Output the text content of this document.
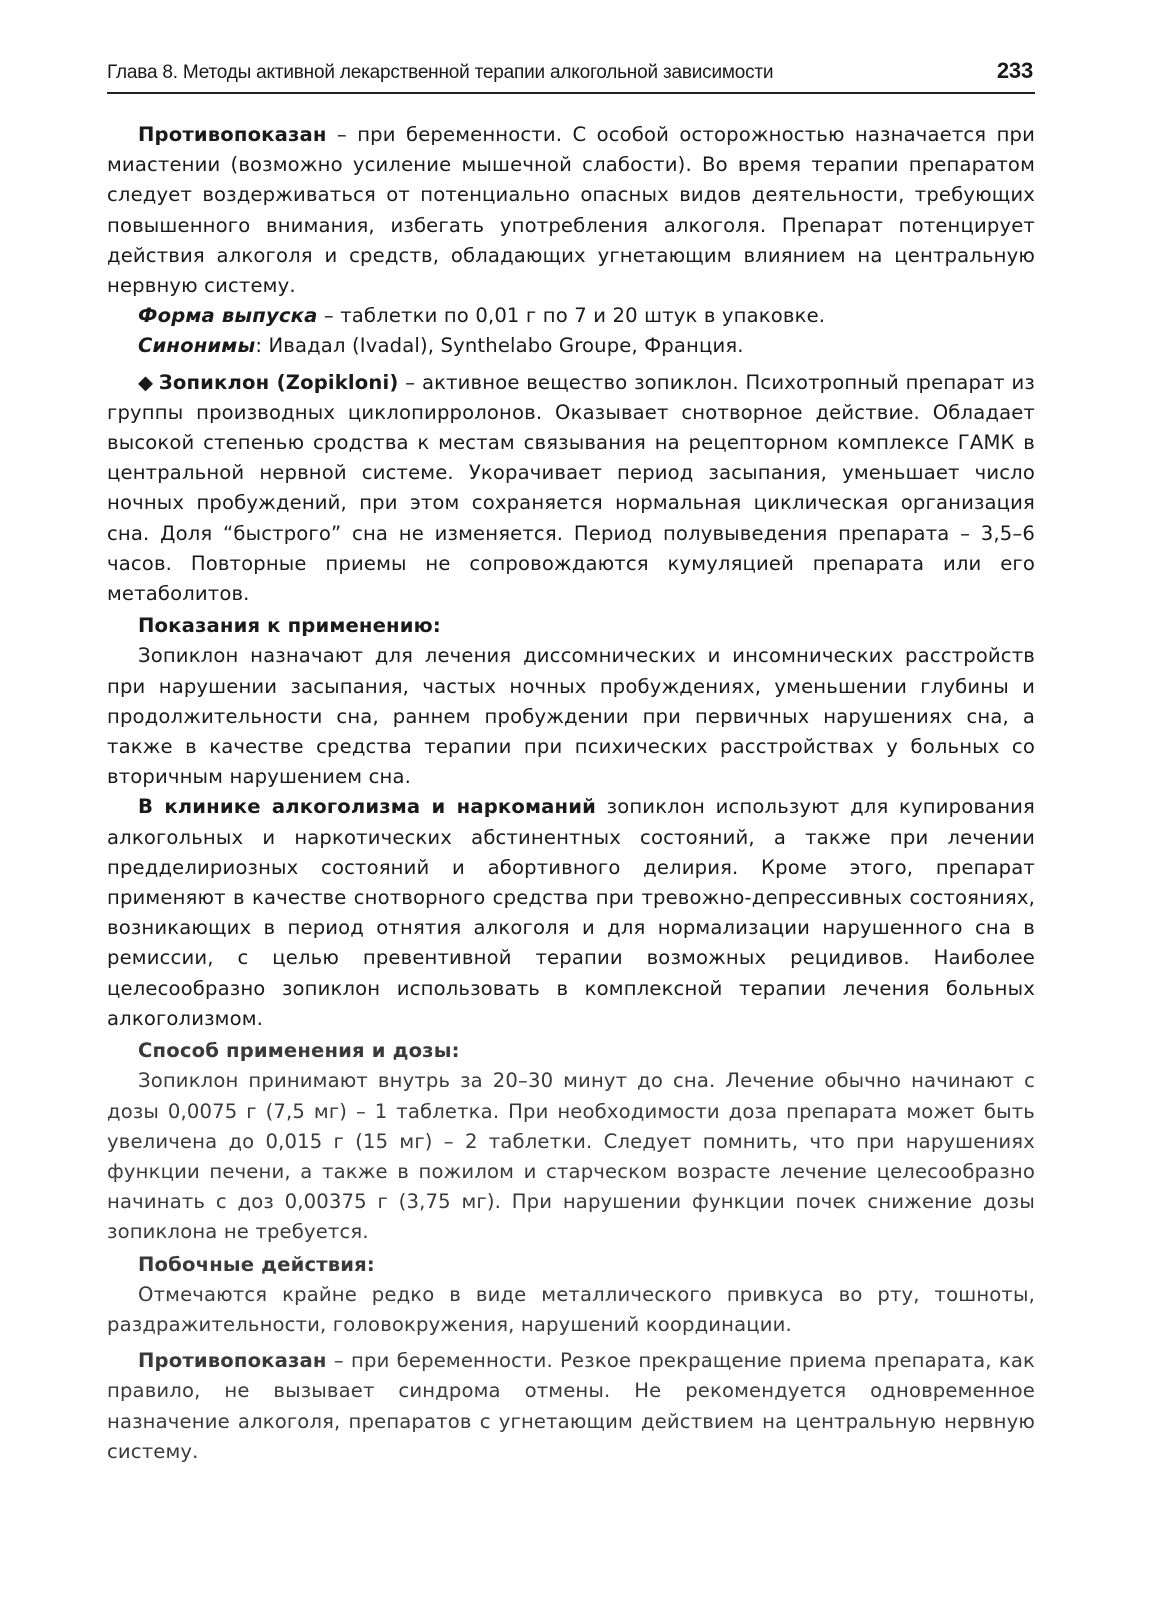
Глава 8. Методы активной лекарственной терапии алкогольной зависимости	233

Противопоказан – при беременности. С особой осторожностью назначается при миастении (возможно усиление мышечной слабости). Во время терапии препаратом следует воздерживаться от потенциально опасных видов деятельности, требующих повышенного внимания, избегать употребления алкоголя. Препарат потенцирует действия алкоголя и средств, обладающих угнетающим влиянием на центральную нервную систему.

Форма выпуска – таблетки по 0,01 г по 7 и 20 штук в упаковке.

Синонимы: Ивадал (Ivadal), Synthelabo Groupe, Франция.

◆ Зопиклон (Zopikloni) – активное вещество зопиклон. Психотропный препарат из группы производных циклопирролонов. Оказывает снотворное действие. Обладает высокой степенью сродства к местам связывания на рецепторном комплексе ГАМК в центральной нервной системе. Укорачивает период засыпания, уменьшает число ночных пробуждений, при этом сохраняется нормальная циклическая организация сна. Доля “быстрого” сна не изменяется. Период полувыведения препарата – 3,5–6 часов. Повторные приемы не сопровождаются кумуляцией препарата или его метаболитов.

Показания к применению:

Зопиклон назначают для лечения диссомнических и инсомнических расстройств при нарушении засыпания, частых ночных пробуждениях, уменьшении глубины и продолжительности сна, раннем пробуждении при первичных нарушениях сна, а также в качестве средства терапии при психических расстройствах у больных со вторичным нарушением сна.

В клинике алкоголизма и наркоманий зопиклон используют для купирования алкогольных и наркотических абстинентных состояний, а также при лечении предделириозных состояний и абортивного делирия. Кроме этого, препарат применяют в качестве снотворного средства при тревожно-депрессивных состояниях, возникающих в период отнятия алкоголя и для нормализации нарушенного сна в ремиссии, с целью превентивной терапии возможных рецидивов. Наиболее целесообразно зопиклон использовать в комплексной терапии лечения больных алкоголизмом.

Способ применения и дозы:

Зопиклон принимают внутрь за 20–30 минут до сна. Лечение обычно начинают с дозы 0,0075 г (7,5 мг) – 1 таблетка. При необходимости доза препарата может быть увеличена до 0,015 г (15 мг) – 2 таблетки. Следует помнить, что при нарушениях функции печени, а также в пожилом и старческом возрасте лечение целесообразно начинать с доз 0,00375 г (3,75 мг). При нарушении функции почек снижение дозы зопиклона не требуется.

Побочные действия:

Отмечаются крайне редко в виде металлического привкуса во рту, тошноты, раздражительности, головокружения, нарушений координации.

Противопоказан – при беременности. Резкое прекращение приема препарата, как правило, не вызывает синдрома отмены. Не рекомендуется одновременное назначение алкоголя, препаратов с угнетающим действием на центральную нервную систему.
